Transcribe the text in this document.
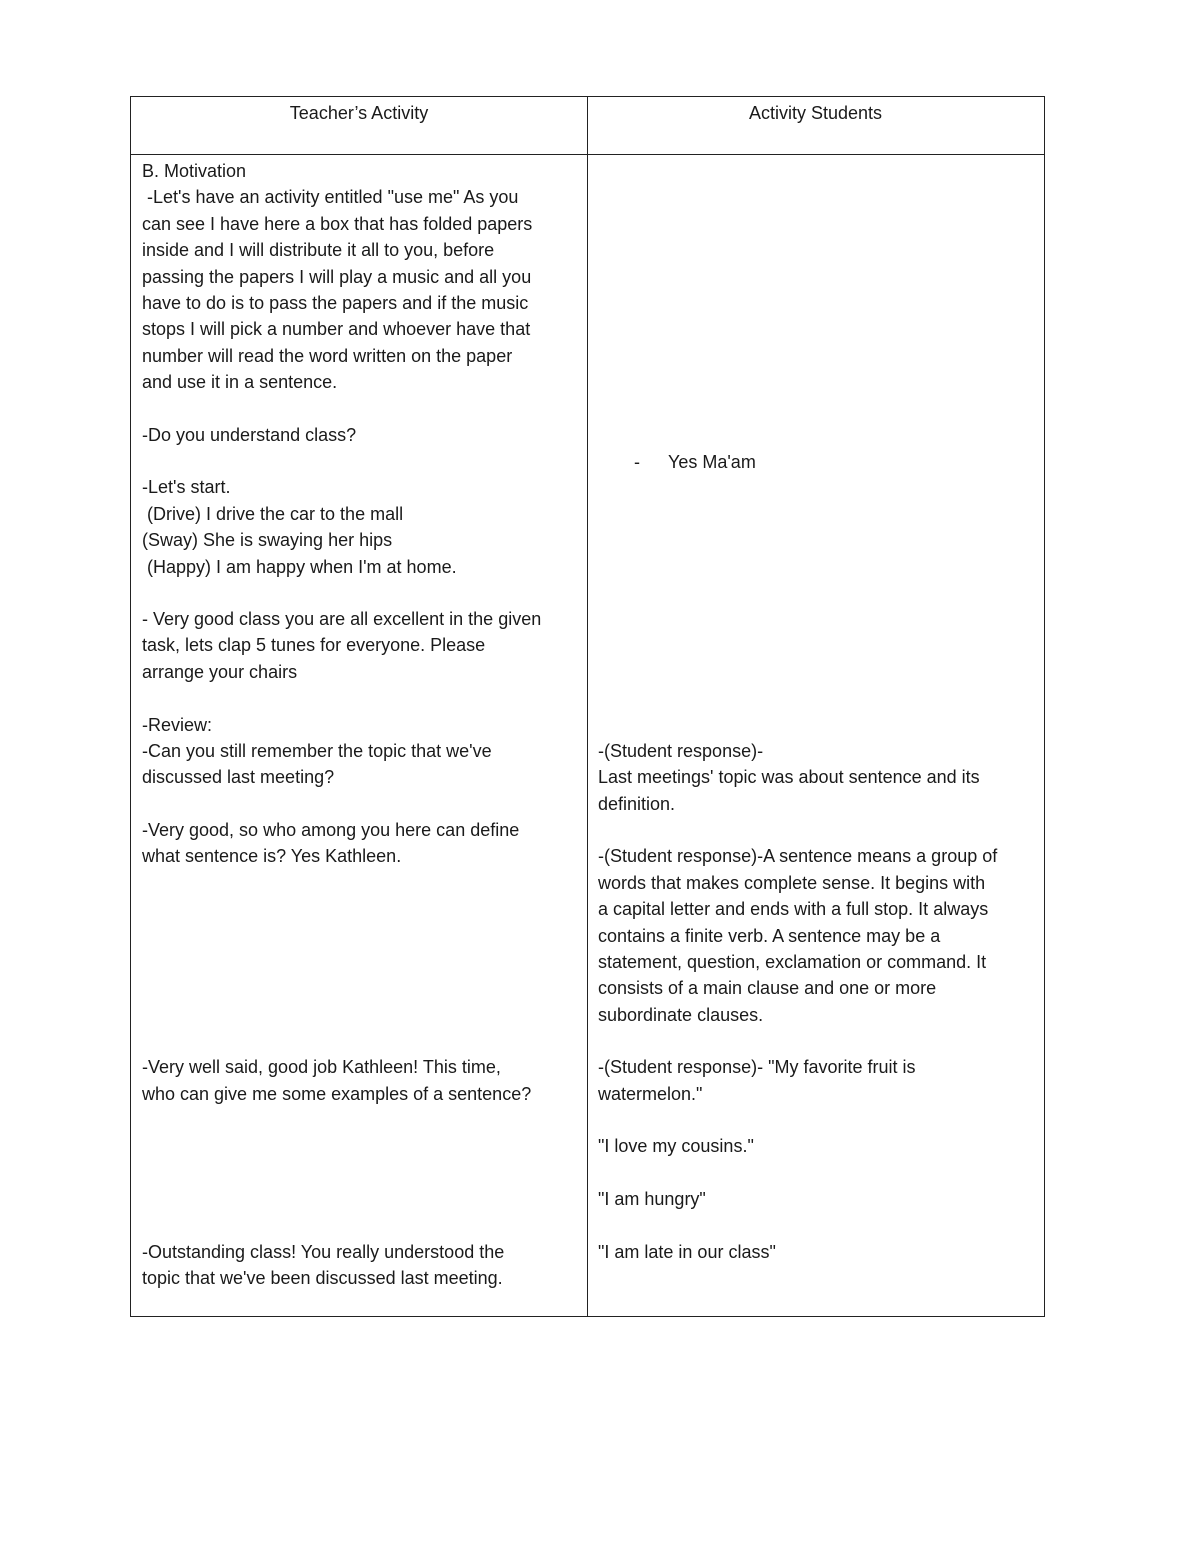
Teacher’s Activity	Activity Students
B. Motivation
-Let's have an activity entitled "use me" As you
can see I have here a box that has folded papers
inside and I will distribute it all to you, before
passing the papers I will play a music and all you
have to do is to pass the papers and if the music
stops I will pick a number and whoever have that
number will read the word written on the paper
and use it in a sentence.
-Do you understand class?
-Let's start.
(Drive) I drive the car to the mall
(Sway) She is swaying her hips
(Happy) I am happy when I'm at home.
- Very good class you are all excellent in the given
task, lets clap 5 tunes for everyone. Please
arrange your chairs
-Review:
-Can you still remember the topic that we've
discussed last meeting?
-Very good, so who among you here can define
what sentence is? Yes Kathleen.
-Very well said, good job Kathleen! This time,
who can give me some examples of a sentence?
-Outstanding class! You really understood the
topic that we've been discussed last meeting.
- Yes Ma'am
-(Student response)-
Last meetings' topic was about sentence and its
definition.
-(Student response)-A sentence means a group of
words that makes complete sense. It begins with
a capital letter and ends with a full stop. It always
contains a finite verb. A sentence may be a
statement, question, exclamation or command. It
consists of a main clause and one or more
subordinate clauses.
-(Student response)- "My favorite fruit is
watermelon."
"I love my cousins."
"I am hungry"
"I am late in our class"
